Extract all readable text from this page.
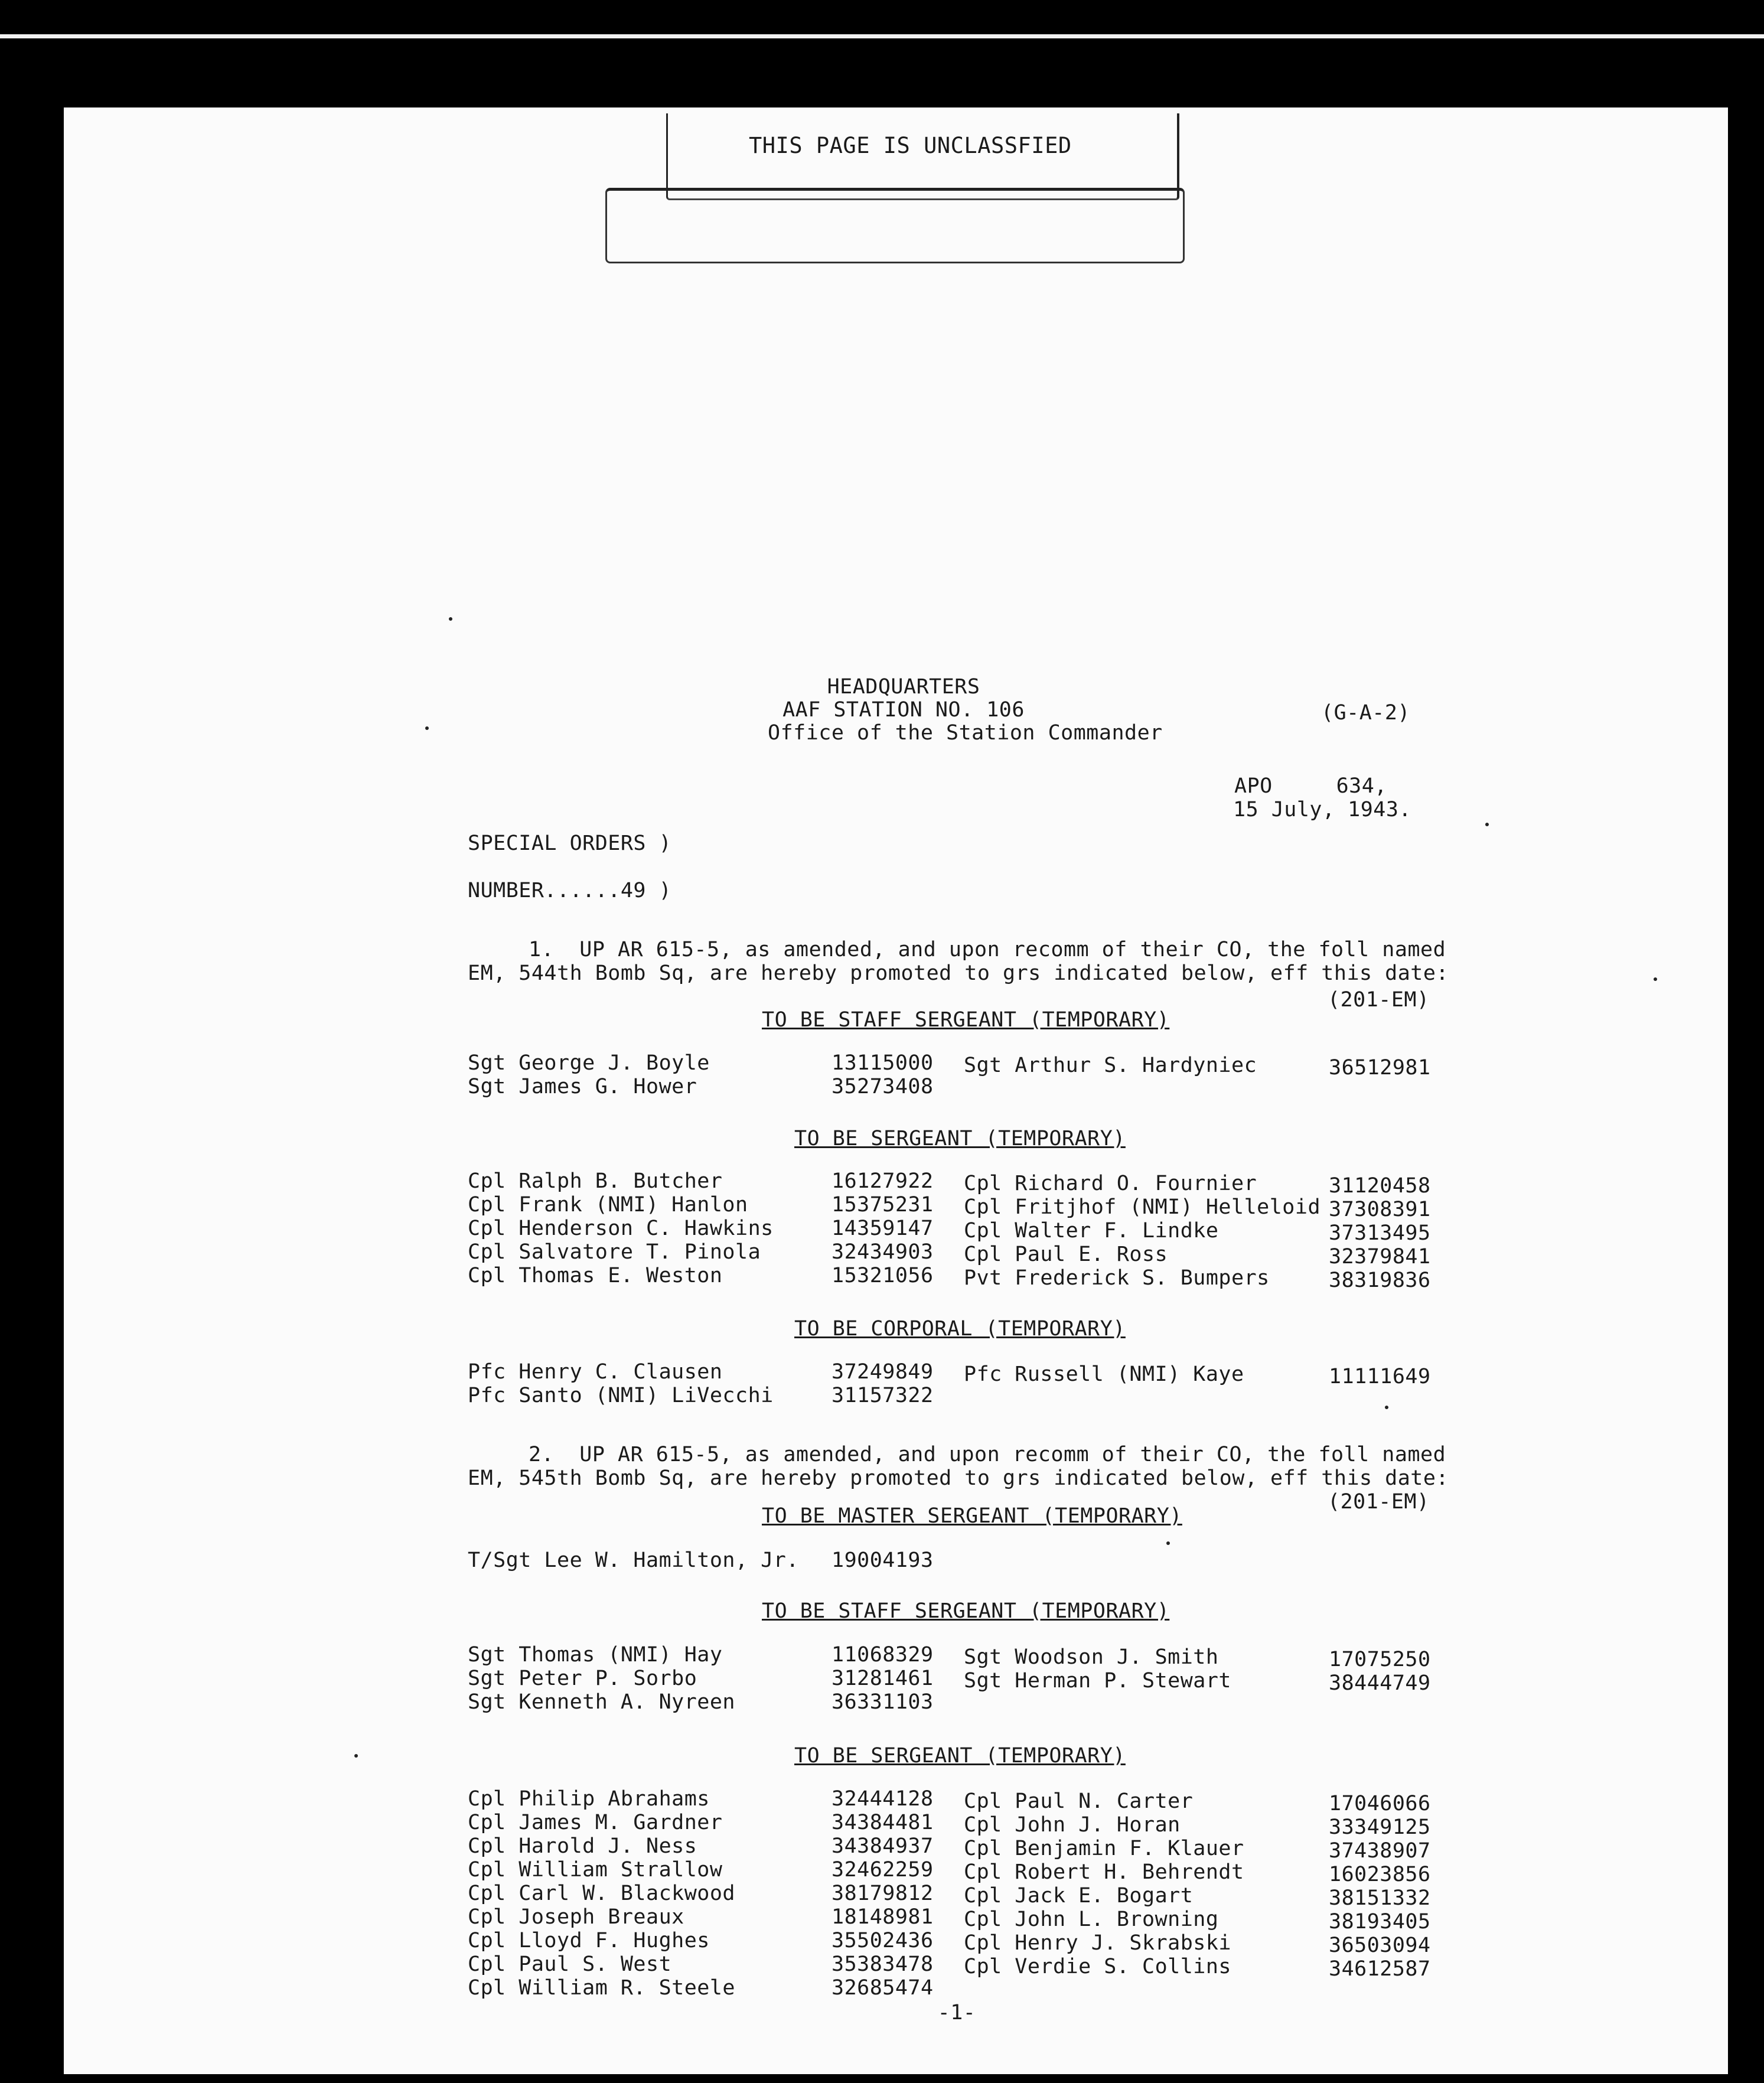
THIS PAGE IS UNCLASSFIED
HEADQUARTERS
AAF STATION NO. 106
Office of the Station Commander
(G-A-2)
APO     634,
15 July, 1943.
SPECIAL ORDERS )
NUMBER......49 )
1.  UP AR 615-5, as amended, and upon recomm of their CO, the foll named
EM, 544th Bomb Sq, are hereby promoted to grs indicated below, eff this date:
(201-EM)
TO BE STAFF SERGEANT (TEMPORARY)
Sgt George J. Boyle	13115000
Sgt James G. Hower	35273408
Sgt Arthur S. Hardyniec	36512981
TO BE SERGEANT (TEMPORARY)
Cpl Ralph B. Butcher	16127922
Cpl Frank (NMI) Hanlon	15375231
Cpl Henderson C. Hawkins	14359147
Cpl Salvatore T. Pinola	32434903
Cpl Thomas E. Weston	15321056
Cpl Richard O. Fournier	31120458
Cpl Fritjhof (NMI) Helleloid 37308391
Cpl Walter F. Lindke	37313495
Cpl Paul E. Ross	32379841
Pvt Frederick S. Bumpers	38319836
TO BE CORPORAL (TEMPORARY)
Pfc Henry C. Clausen	37249849
Pfc Santo (NMI) LiVecchi	31157322
Pfc Russell (NMI) Kaye	11111649
2.  UP AR 615-5, as amended, and upon recomm of their CO, the foll named
EM, 545th Bomb Sq, are hereby promoted to grs indicated below, eff this date:
(201-EM)
TO BE MASTER SERGEANT (TEMPORARY)
T/Sgt Lee W. Hamilton, Jr. 19004193
TO BE STAFF SERGEANT (TEMPORARY)
Sgt Thomas (NMI) Hay	11068329
Sgt Peter P. Sorbo	31281461
Sgt Kenneth A. Nyreen	36331103
Sgt Woodson J. Smith	17075250
Sgt Herman P. Stewart	38444749
TO BE SERGEANT (TEMPORARY)
Cpl Philip Abrahams	32444128
Cpl James M. Gardner	34384481
Cpl Harold J. Ness	34384937
Cpl William Strallow	32462259
Cpl Carl W. Blackwood	38179812
Cpl Joseph Breaux	18148981
Cpl Lloyd F. Hughes	35502436
Cpl Paul S. West	35383478
Cpl William R. Steele	32685474
Cpl Paul N. Carter	17046066
Cpl John J. Horan	33349125
Cpl Benjamin F. Klauer	37438907
Cpl Robert H. Behrendt	16023856
Cpl Jack E. Bogart	38151332
Cpl John L. Browning	38193405
Cpl Henry J. Skrabski	36503094
Cpl Verdie S. Collins	34612587
-1-
